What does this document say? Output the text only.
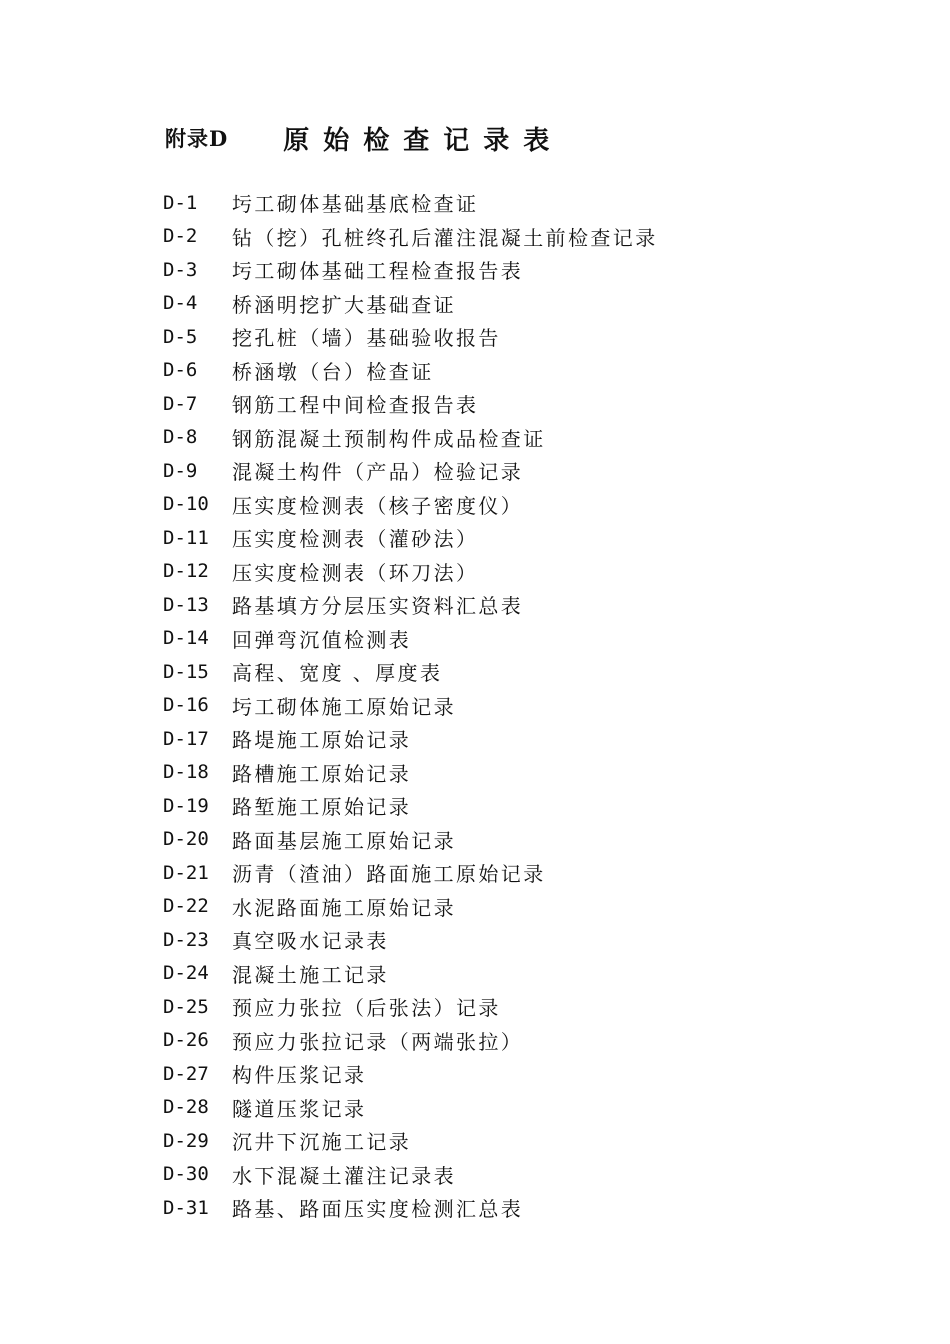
附录D 原始检查记录表
D-1	圬工砌体基础基底检查证
D-2	钻（挖）孔桩终孔后灌注混凝土前检查记录
D-3	圬工砌体基础工程检查报告表
D-4	桥涵明挖扩大基础查证
D-5	挖孔桩（墙）基础验收报告
D-6	桥涵墩（台）检查证
D-7	钢筋工程中间检查报告表
D-8	钢筋混凝土预制构件成品检查证
D-9	混凝土构件（产品）检验记录
D-10	压实度检测表（核子密度仪）
D-11	压实度检测表（灌砂法）
D-12	压实度检测表（环刀法）
D-13	路基填方分层压实资料汇总表
D-14	回弹弯沉值检测表
D-15	高程、宽度 、厚度表
D-16	圬工砌体施工原始记录
D-17	路堤施工原始记录
D-18	路槽施工原始记录
D-19	路堑施工原始记录
D-20	路面基层施工原始记录
D-21	沥青（渣油）路面施工原始记录
D-22	水泥路面施工原始记录
D-23	真空吸水记录表
D-24	混凝土施工记录
D-25	预应力张拉（后张法）记录
D-26	预应力张拉记录（两端张拉）
D-27	构件压浆记录
D-28	隧道压浆记录
D-29	沉井下沉施工记录
D-30	水下混凝土灌注记录表
D-31	路基、路面压实度检测汇总表
